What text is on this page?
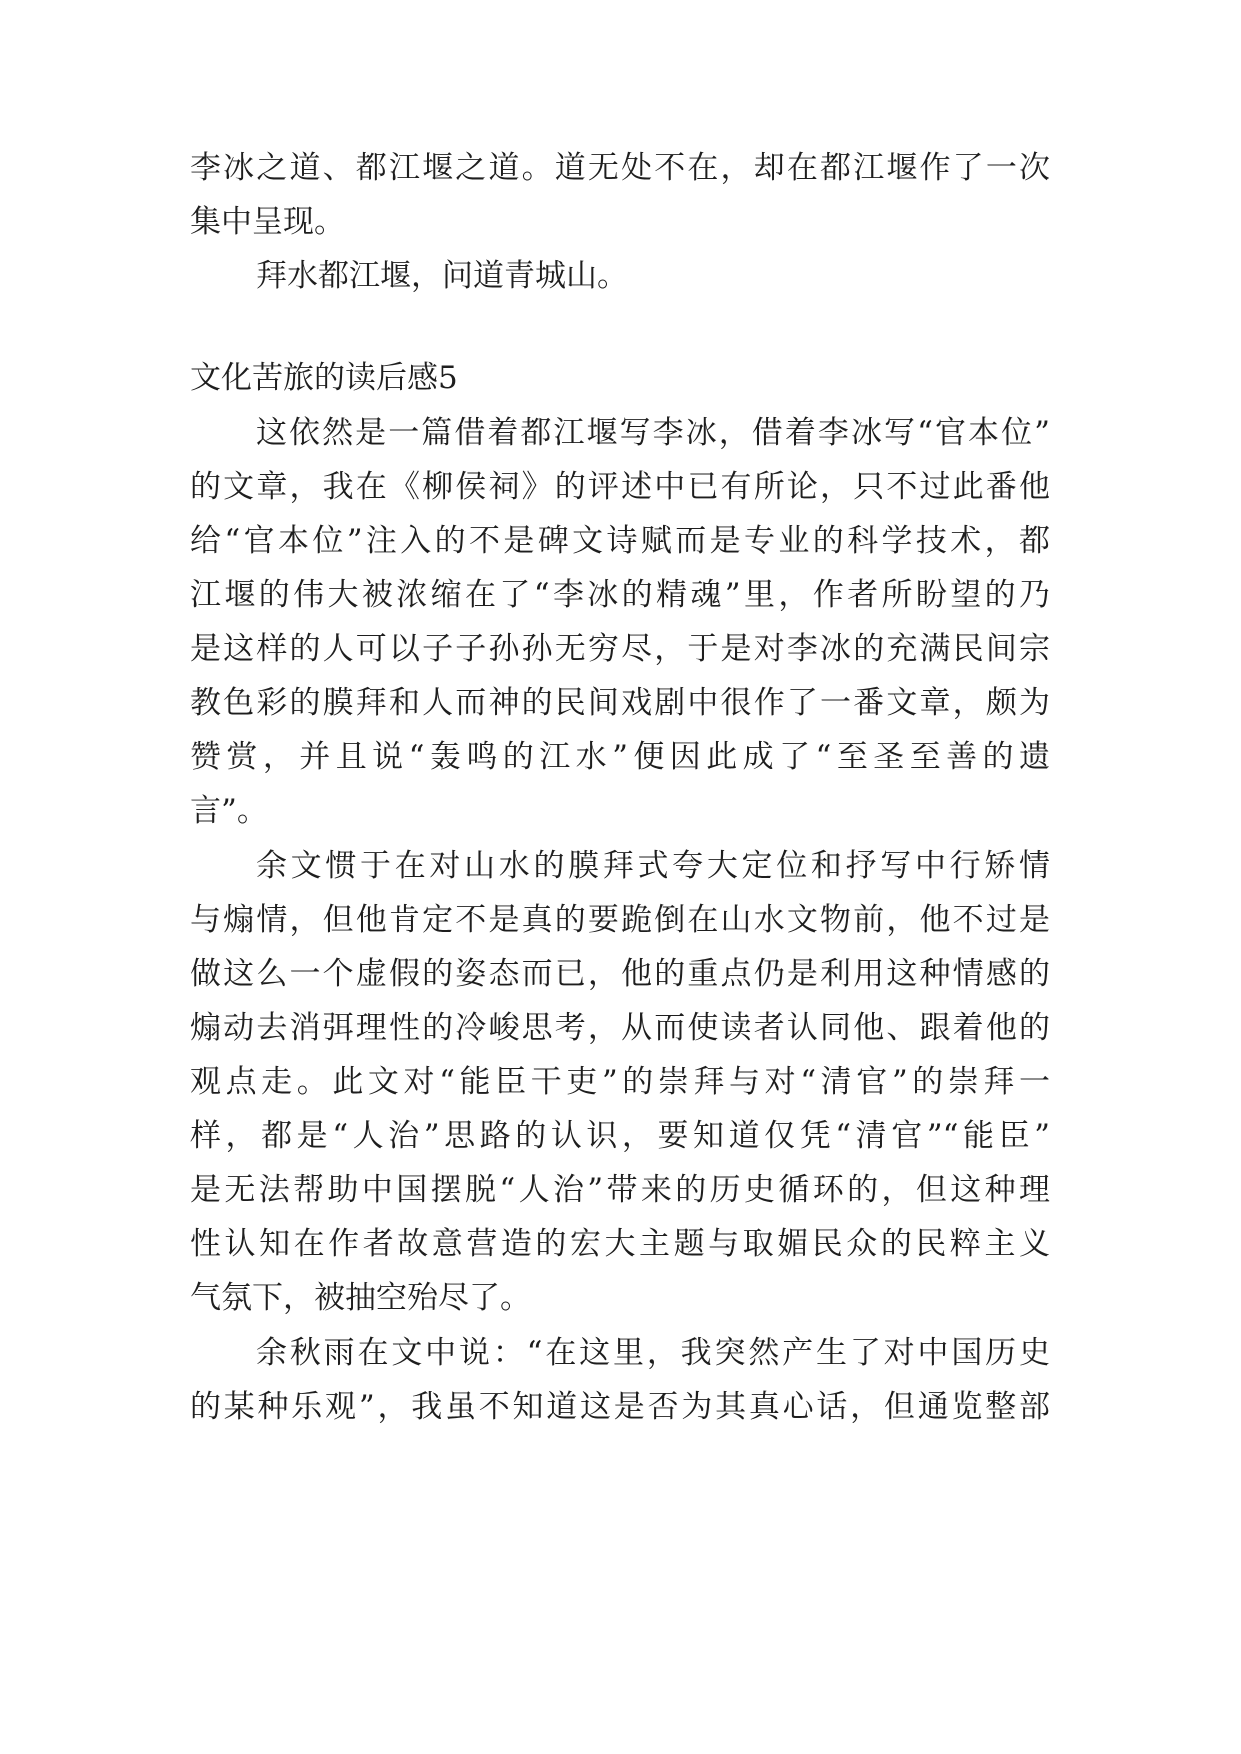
李冰之道、都江堰之道。道无处不在，却在都江堰作了一次
集中呈现。
拜水都江堰，问道青城山。
文化苦旅的读后感5
这依然是一篇借着都江堰写李冰，借着李冰写“官本位”
的文章，我在《柳侯祠》的评述中已有所论，只不过此番他
给“官本位”注入的不是碑文诗赋而是专业的科学技术，都
江堰的伟大被浓缩在了“李冰的精魂”里，作者所盼望的乃
是这样的人可以子子孙孙无穷尽，于是对李冰的充满民间宗
教色彩的膜拜和人而神的民间戏剧中很作了一番文章，颇为
赞赏，并且说“轰鸣的江水”便因此成了“至圣至善的遗
言”。
余文惯于在对山水的膜拜式夸大定位和抒写中行矫情
与煽情，但他肯定不是真的要跪倒在山水文物前，他不过是
做这么一个虚假的姿态而已，他的重点仍是利用这种情感的
煽动去消弭理性的冷峻思考，从而使读者认同他、跟着他的
观点走。此文对“能臣干吏”的崇拜与对“清官”的崇拜一
样，都是“人治”思路的认识，要知道仅凭“清官”“能臣”
是无法帮助中国摆脱“人治”带来的历史循环的，但这种理
性认知在作者故意营造的宏大主题与取媚民众的民粹主义
气氛下，被抽空殆尽了。
余秋雨在文中说：“在这里，我突然产生了对中国历史
的某种乐观”，我虽不知道这是否为其真心话，但通览整部
